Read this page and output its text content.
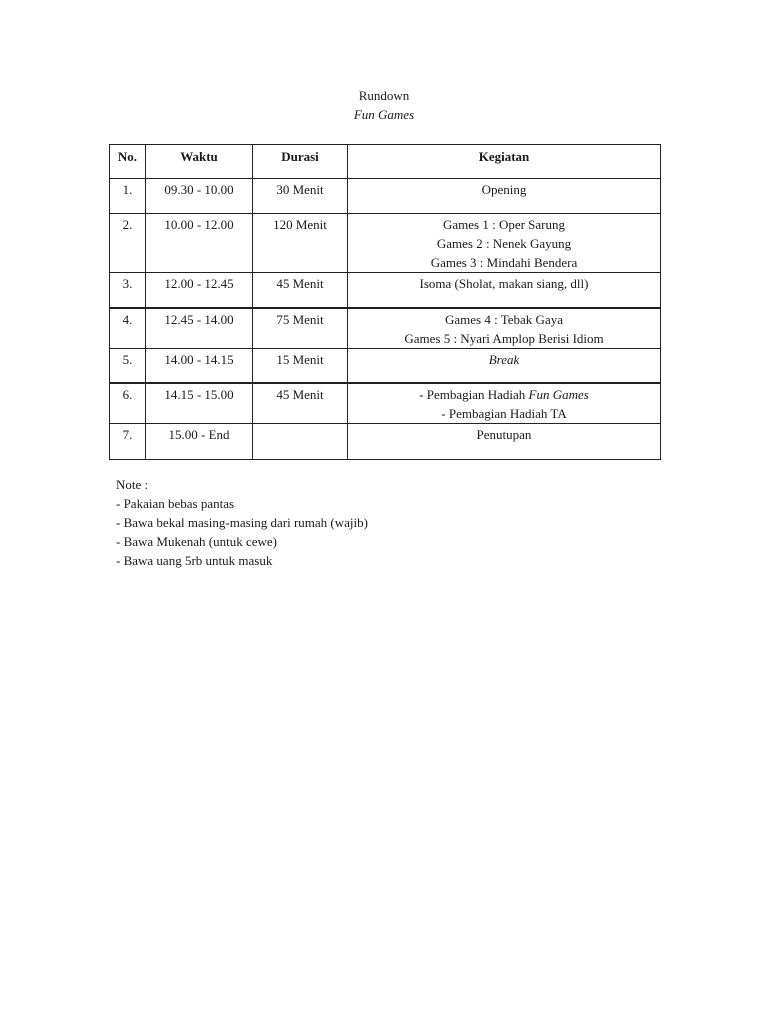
Rundown
Fun Games
No.	Waktu	Durasi	Kegiatan
1.	09.30 - 10.00	30 Menit	Opening

2.	10.00 - 12.00	120 Menit	Games 1 : Oper Sarung
Games 2 : Nenek Gayung
Games 3 : Mindahi Bendera

3.	12.00 - 12.45	45 Menit	Isoma (Sholat, makan siang, dll)

4.	12.45 - 14.00	75 Menit	Games 4 : Tebak Gaya
Games 5 : Nyari Amplop Berisi Idiom

5.	14.00 - 14.15	15 Menit	Break

6.	14.15 - 15.00	45 Menit	- Pembagian Hadiah Fun Games
- Pembagian Hadiah TA

7.	15.00 - End		Penutupan
Note :
- Pakaian bebas pantas
- Bawa bekal masing-masing dari rumah (wajib)
- Bawa Mukenah (untuk cewe)
- Bawa uang 5rb untuk masuk
